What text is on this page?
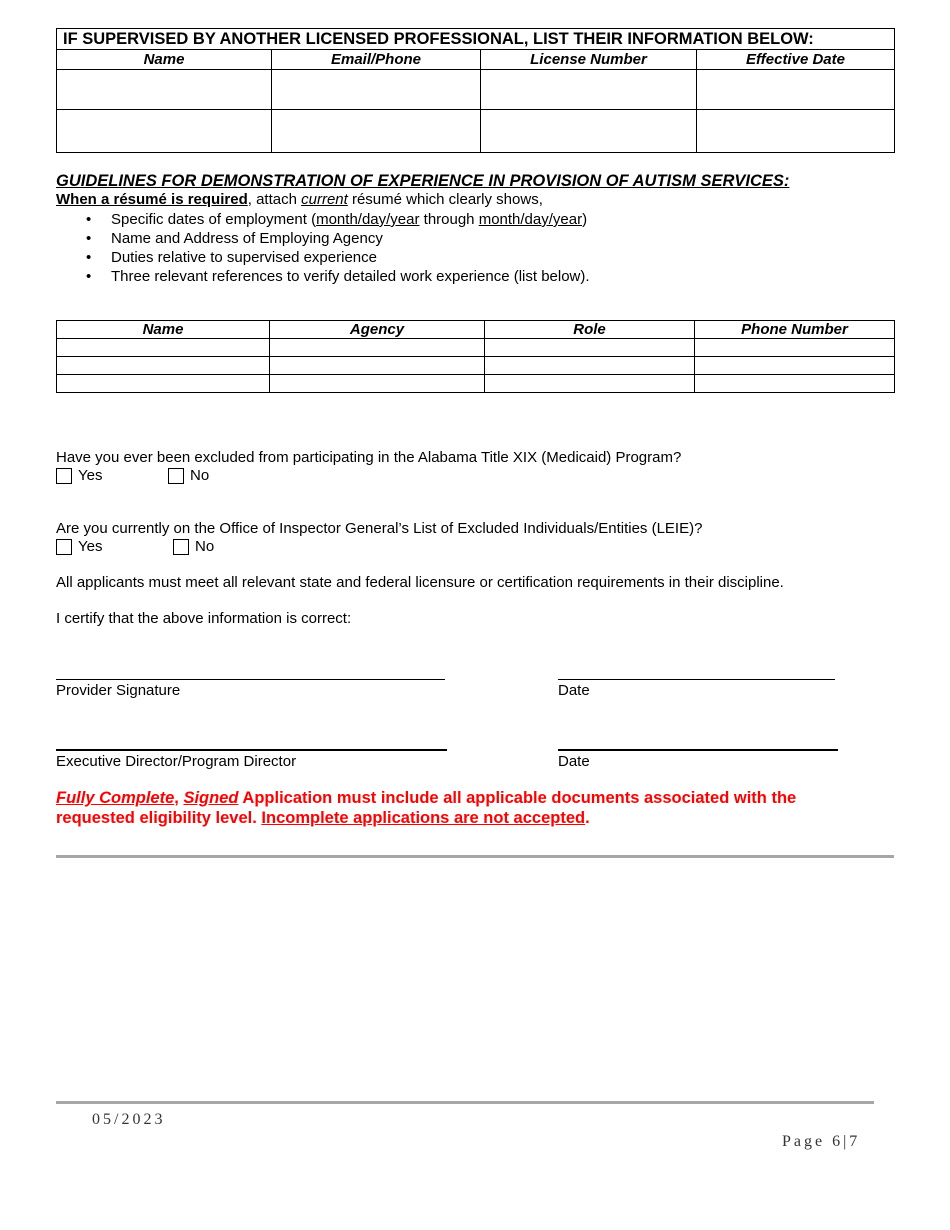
IF SUPERVISED BY ANOTHER LICENSED PROFESSIONAL, LIST THEIR INFORMATION BELOW:			
Name	Email/Phone	License Number	Effective Date

GUIDELINES FOR DEMONSTRATION OF EXPERIENCE IN PROVISION OF AUTISM SERVICES:
When a résumé is required, attach current résumé which clearly shows,
• Specific dates of employment (month/day/year through month/day/year)
• Name and Address of Employing Agency
• Duties relative to supervised experience
• Three relevant references to verify detailed work experience (list below).
Name	Agency	Role	Phone Number

Have you ever been excluded from participating in the Alabama Title XIX (Medicaid) Program?
Yes	No
Are you currently on the Office of Inspector General’s List of Excluded Individuals/Entities (LEIE)?
Yes	No
All applicants must meet all relevant state and federal licensure or certification requirements in their discipline.
I certify that the above information is correct:
Provider Signature	Date
Executive Director/Program Director	Date
Fully Complete, Signed Application must include all applicable documents associated with the requested eligibility level. Incomplete applications are not accepted.
05/2023
Page 6|7
